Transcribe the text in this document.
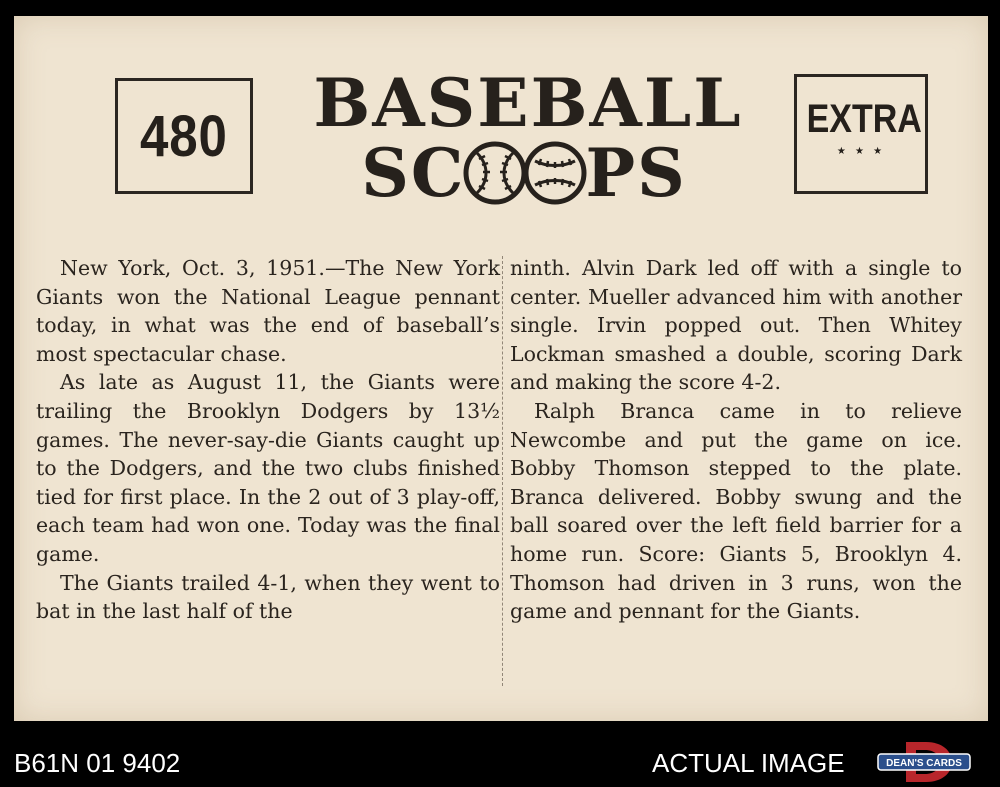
480	BASEBALL
SC PS
EXTRA
★ ★ ★

New York, Oct. 3, 1951.—The New York Giants won the National League pennant today, in what was the end of baseball’s most spectacular chase.

As late as August 11, the Giants were trailing the Brooklyn Dodgers by 13½ games. The never-say-die Giants caught up to the Dodgers, and the two clubs finished tied for first place. In the 2 out of 3 play-off, each team had won one. Today was the final game.

The Giants trailed 4-1, when they went to bat in the last half of the

ninth. Alvin Dark led off with a single to center. Mueller advanced him with another single. Irvin popped out. Then Whitey Lockman smashed a double, scoring Dark and making the score 4-2.

Ralph Branca came in to relieve Newcombe and put the game on ice. Bobby Thomson stepped to the plate. Branca delivered. Bobby swung and the ball soared over the left field barrier for a home run. Score: Giants 5, Brooklyn 4. Thomson had driven in 3 runs, won the game and pennant for the Giants.

B61N 01 9402	ACTUAL IMAGE	DEAN'S CARDS
